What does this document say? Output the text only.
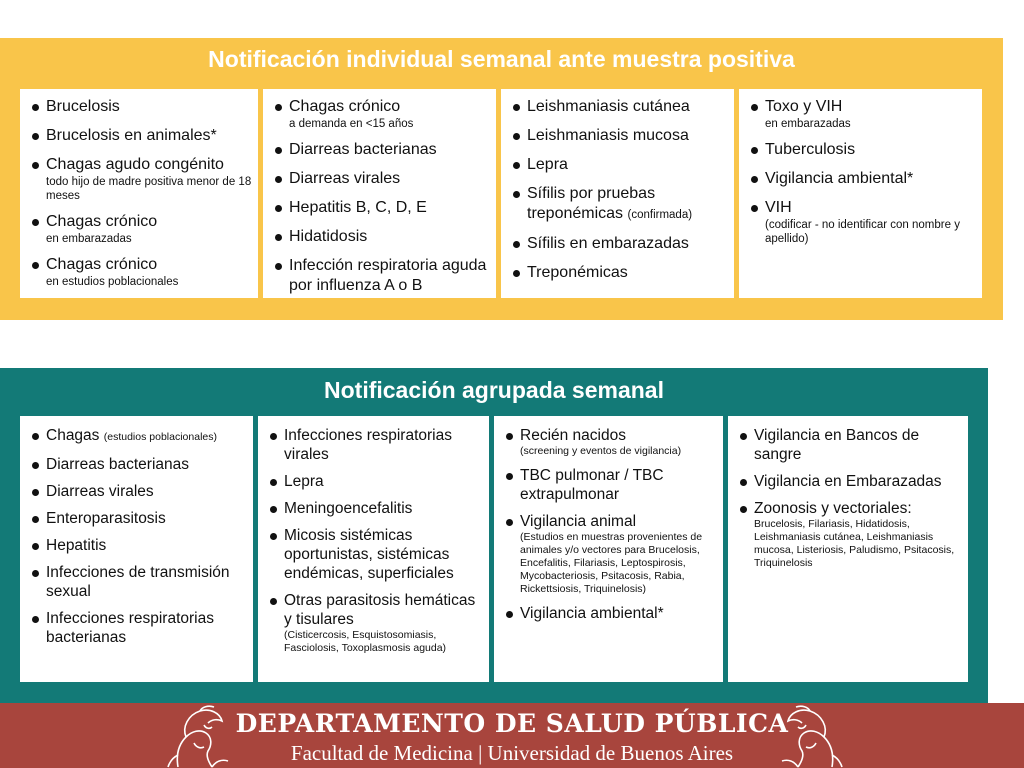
Notificación individual semanal ante muestra positiva
Brucelosis
Brucelosis en animales*
Chagas agudo congénito
todo hijo de madre positiva menor de 18 meses
Chagas crónico
en embarazadas
Chagas crónico
en estudios poblacionales
Chagas crónico
a demanda en <15 años
Diarreas bacterianas
Diarreas virales
Hepatitis B, C, D, E
Hidatidosis
Infección respiratoria aguda por influenza A o B
Leishmaniasis cutánea
Leishmaniasis mucosa
Lepra
Sífilis por pruebas treponémicas (confirmada)
Sífilis en embarazadas
Treponémicas
Toxo y VIH
en embarazadas
Tuberculosis
Vigilancia ambiental*
VIH
(codificar - no identificar con nombre y apellido)
Notificación agrupada semanal
Chagas (estudios poblacionales)
Diarreas bacterianas
Diarreas virales
Enteroparasitosis
Hepatitis
Infecciones de transmisión sexual
Infecciones respiratorias bacterianas
Infecciones respiratorias virales
Lepra
Meningoencefalitis
Micosis sistémicas oportunistas, sistémicas endémicas, superficiales
Otras parasitosis hemáticas y tisulares
(Cisticercosis, Esquistosomiasis, Fasciolosis, Toxoplasmosis aguda)
Recién nacidos
(screening y eventos de vigilancia)
TBC pulmonar / TBC extrapulmonar
Vigilancia animal
(Estudios en muestras provenientes de animales y/o vectores para Brucelosis, Encefalitis, Filariasis, Leptospirosis, Mycobacteriosis, Psitacosis, Rabia, Rickettsiosis, Triquinelosis)
Vigilancia ambiental*
Vigilancia en Bancos de sangre
Vigilancia en Embarazadas
Zoonosis y vectoriales:
Brucelosis, Filariasis, Hidatidosis, Leishmaniasis cutánea, Leishmaniasis mucosa, Listeriosis, Paludismo, Psitacosis, Triquinelosis
DEPARTAMENTO DE SALUD PÚBLICA
Facultad de Medicina | Universidad de Buenos Aires
